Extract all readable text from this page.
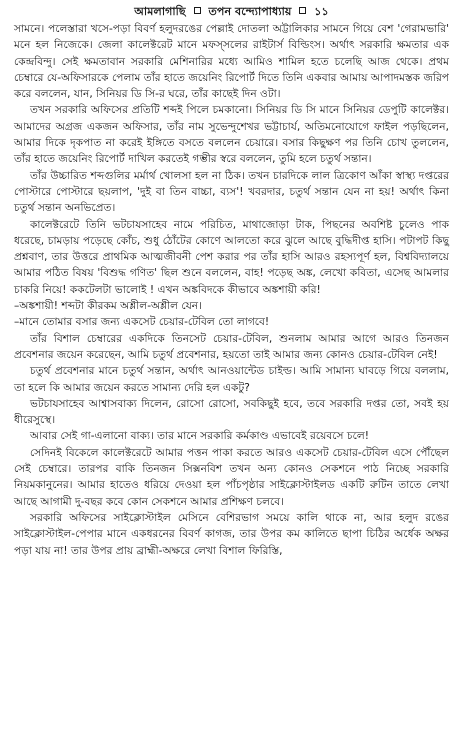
আমলাগাছি তপন বন্দ্যোপাধ্যায় ১১

সামনে। পলেস্তারা খসে-পড়া বিবর্ণ হলুদরঙের পেল্লাই দোতলা অট্টালিকার সামনে গিয়ে বেশ 'গেরামভারি' মনে হল নিজেকে। জেলা কালেক্টরেট মানে মফস্সলের রাইটার্স বিল্ডিংস। অর্থাৎ সরকারি ক্ষমতার এক কেন্দ্রবিন্দু। সেই ক্ষমতাবান সরকারি মেশিনারির মধ্যে আমিও শামিল হতে চলেছি আজ থেকে। প্রথম চেম্বারে যে-অফিসারকে পেলাম তাঁর হাতে জয়েনিং রিপোর্ট দিতে তিনি একবার আমায় আপাদমস্তক জরিপ করে বললেন, যান, সিনিয়র ডি সি-র ঘরে, তাঁর কাছেই দিন ওটা।

তখন সরকারি অফিসের প্রতিটি শব্দই পিলে চমকানো। সিনিয়র ডি সি মানে সিনিয়র ডেপুটি কালেক্টর। আমাদের অগ্রজ একজন অফিসার, তাঁর নাম সুভেন্দুশেখর ভট্টাচার্য, অতিমনোযোগে ফাইল পড়ছিলেন, আমার দিকে দৃকপাত না করেই ইঙ্গিতে বসতে বললেন চেয়ারে। বসার কিছুক্ষণ পর তিনি চোখ তুললেন, তাঁর হাতে জয়েনিং রিপোর্ট দাখিল করতেই গম্ভীর স্বরে বললেন, তুমি হলে চতুর্থ সন্তান।

তাঁর উচ্চারিত শব্দগুলির মর্মার্থ খোলসা হল না ঠিক। তখন চারদিকে লাল ত্রিকোণ আঁকা স্বাস্থ্য দপ্তরের পোস্টারে পোস্টারে ছয়লাপ, 'দুই বা তিন বাচ্চা, ব্যস'! খবরদার, চতুর্থ সন্তান যেন না হয়! অর্থাৎ কিনা চতুর্থ সন্তান অনভিপ্রেত।

কালেক্টরেটে তিনি ভটচাযসাহেব নামে পরিচিত, মাথাজোড়া টাক, পিছনের অবশিষ্ট চুলেও পাক ধরেছে, চামড়ায় পড়েছে কোঁচ, শুধু ঠোঁটের কোণে আলতো করে ঝুলে আছে বুদ্ধিদীপ্ত হাসি। পটাপট কিছু প্রশ্নবাণ, তার উত্তরে প্রাথমিক আত্মজীবনী পেশ করার পর তাঁর হাসি আরও রহস্যপূর্ণ হল, বিশ্ববিদ্যালয়ে আমার পঠিত বিষয় 'বিশুদ্ধ গণিত' ছিল শুনে বললেন, বাহ! পড়েছ অঙ্ক, লেখো কবিতা, এসেছ আমলার চাকরি নিয়ে! ককটেলটা ভালোই ! এখন অঙ্কবিদকে কীভাবে অঙ্কশায়ী করি!

–অঙ্কশায়ী! শব্দটা কীরকম অশ্লীল-অশ্লীল যেন।

–মানে তোমার বসার জন্য একসেট চেয়ার-টেবিল তো লাগবে!

তাঁর বিশাল চেম্বারের একদিকে তিনসেট চেয়ার-টেবিল, শুনলাম আমার আগে আরও তিনজন প্রবেশনার জয়েন করেছেন, আমি চতুর্থ প্রবেশনার, হয়তো তাই আমার জন্য কোনও চেয়ার-টেবিল নেই!

চতুর্থ প্রবেশনার মানে চতুর্থ সন্তান, অর্থাৎ আনওয়ান্টেড চাইল্ড। আমি সামান্য ঘাবড়ে গিয়ে বললাম, তা হলে কি আমার জয়েন করতে সামান্য দেরি হল একটু?

ভটচাযসাহেব আশ্বাসবাক্য দিলেন, রোসো রোসো, সবকিছুই হবে, তবে সরকারি দপ্তর তো, সবই হয় ধীরেসুস্থে।

আবার সেই গা-এলানো বাক্য। তার মানে সরকারি কর্মকাণ্ড এভাবেই রয়েবসে চলে!

সেদিনই বিকেলে কালেক্টরেটে আমার পত্তন পাকা করতে আরও একসেট চেয়ার-টেবিল এসে পৌঁছেল সেই চেম্বারে। তারপর বাকি তিনজন সিক্সনবিশ তখন অন্য কোনও সেকশনে পাঠ নিচ্ছে সরকারি নিয়মকানুনের। আমার হাতেও ধরিয়ে দেওয়া হল পাঁচপৃষ্ঠার সাইক্লোস্টাইলড একটি রুটিন তাতে লেখা আছে আগামী দু-বছর কবে কোন সেকশনে আমার প্রশিক্ষণ চলবে।

সরকারি অফিসের সাইক্লোস্টাইল মেসিনে বেশিরভাগ সময়ে কালি থাকে না, আর হলুদ রঙের সাইক্লোস্টাইল-পেপার মানে একধরনের বিবর্ণ কাগজ, তার উপর কম কালিতে ছাপা চিঠির অর্ধেক অক্ষর পড়া যায় না! তার উপর প্রায় ব্রাহ্মী-অক্ষরে লেখা বিশাল ফিরিস্তি,
